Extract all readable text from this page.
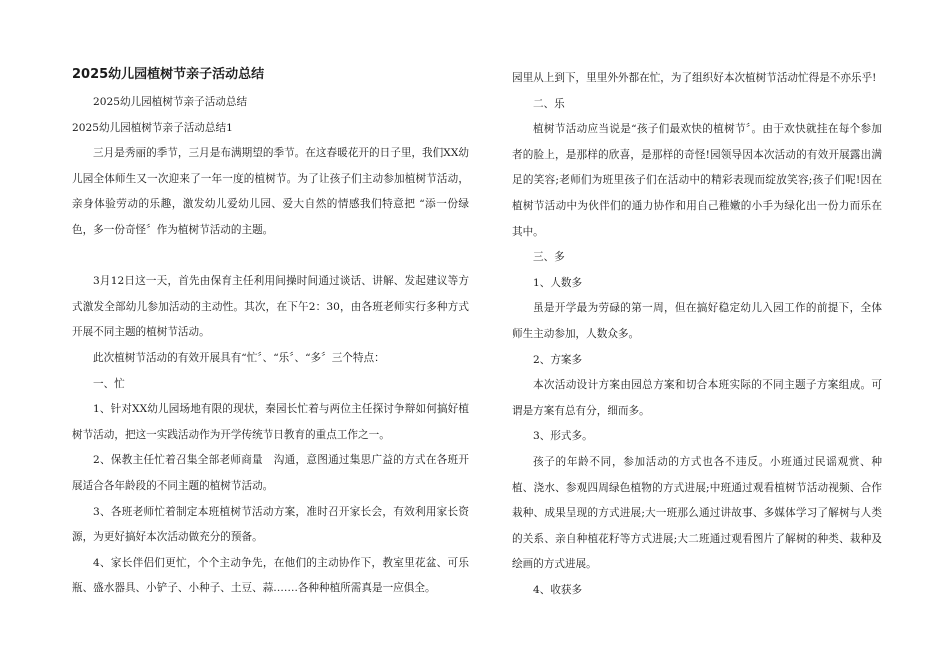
2025幼儿园植树节亲子活动总结

2025幼儿园植树节亲子活动总结

2025幼儿园植树节亲子活动总结1

三月是秀丽的季节，三月是布满期望的季节。在这春暖花开的日子里，我们XX幼儿园全体师生又一次迎来了一年一度的植树节。为了让孩子们主动参加植树节活动，亲身体验劳动的乐趣，激发幼儿爱幼儿园、爱大自然的情感我们特意把 “添一份绿色，多一份奇怪〞作为植树节活动的主题。

3月12日这一天，首先由保育主任利用间操时间通过谈话、讲解、发起建议等方式激发全部幼儿参加活动的主动性。其次，在下午2：30，由各班老师实行多种方式开展不同主题的植树节活动。

此次植树节活动的有效开展具有“忙〞、“乐〞、“多〞三个特点：

一、忙

1、针对XX幼儿园场地有限的现状，秦园长忙着与两位主任探讨争辩如何搞好植树节活动，把这一实践活动作为开学传统节日教育的重点工作之一。

2、保教主任忙着召集全部老师商量　沟通，意图通过集思广益的方式在各班开展适合各年龄段的不同主题的植树节活动。

3、各班老师忙着制定本班植树节活动方案，准时召开家长会，有效利用家长资源，为更好搞好本次活动做充分的预备。

4、家长伴侣们更忙，个个主动争先，在他们的主动协作下，教室里花盆、可乐瓶、盛水器具、小铲子、小种子、土豆、蒜…….各种种植所需真是一应俱全。

园里从上到下，里里外外都在忙，为了组织好本次植树节活动忙得是不亦乐乎!

二、乐

植树节活动应当说是“孩子们最欢快的植树节〞。由于欢快就挂在每个参加者的脸上，是那样的欣喜，是那样的奇怪!园领导因本次活动的有效开展露出满足的笑容;老师们为班里孩子们在活动中的精彩表现而绽放笑容;孩子们呢!因在植树节活动中为伙伴们的通力协作和用自己稚嫩的小手为绿化出一份力而乐在其中。

三、多

1、人数多

虽是开学最为劳碌的第一周，但在搞好稳定幼儿入园工作的前提下，全体师生主动参加，人数众多。

2、方案多

本次活动设计方案由园总方案和切合本班实际的不同主题子方案组成。可谓是方案有总有分，细而多。

3、形式多。

孩子的年龄不同，参加活动的方式也各不违反。小班通过民谣观赏、种植、浇水、参观四周绿色植物的方式进展;中班通过观看植树节活动视频、合作栽种、成果呈现的方式进展;大一班那么通过讲故事、多媒体学习了解树与人类的关系、亲自种植花籽等方式进展;大二班通过观看图片了解树的种类、栽种及绘画的方式进展。

4、收获多
